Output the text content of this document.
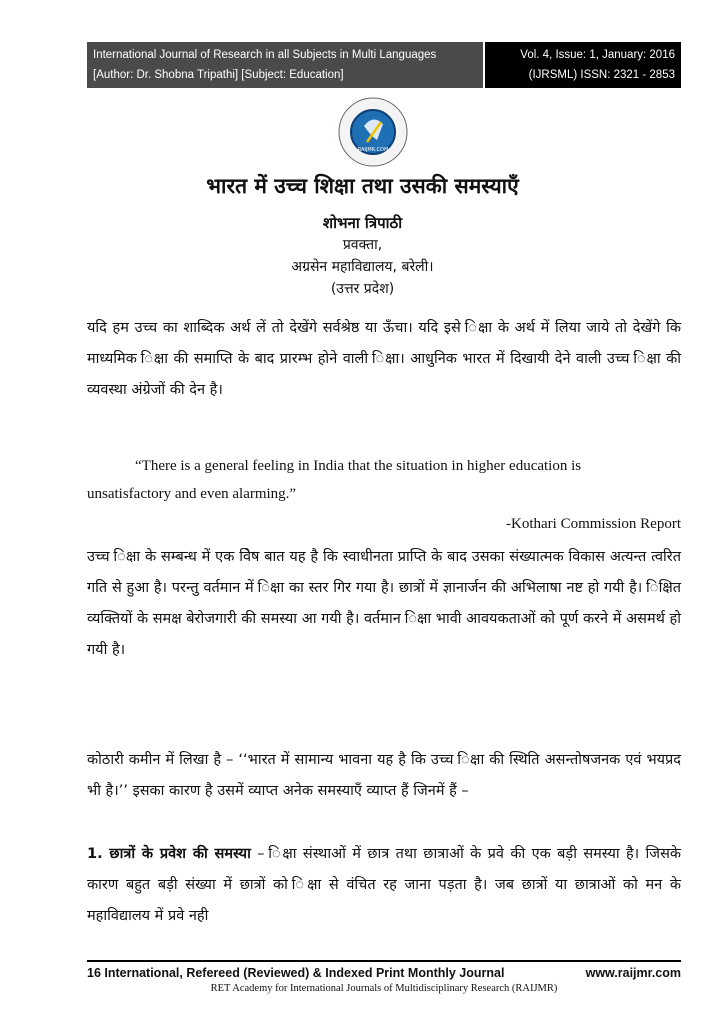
International Journal of Research in all Subjects in Multi Languages
[Author: Dr. Shobna Tripathi] [Subject: Education]
Vol. 4, Issue: 1, January: 2016
(IJRSML) ISSN: 2321 - 2853
RAIJMR.COM
भारत में उच्च शिक्षा तथा उसकी समस्याएँ
शोभना त्रिपाठी
प्रवक्ता,
अग्रसेन महाविद्यालय, बरेली।
(उत्तर प्रदेश)
यदि हम उच्च का शाब्दिक अर्थ लें तो देखेंगे सर्वश्रेष्ठ या ऊँचा। यदि इसे ि‍क्षा के अर्थ में लिया जाये तो देखेंगे कि माध्यमिक ि‍क्षा की समाप्ति के बाद प्रारम्भ होने वाली ि‍क्षा। आधुनिक भारत में दिखायी देने वाली उच्च ि‍क्षा की व्यवस्था अंग्रेजों की देन है।
“There is a general feeling in India that the situation in higher education is
unsatisfactory and even alarming.”
-Kothari Commission Report
उच्च ि‍क्षा के सम्बन्ध में एक वि‍ेष बात यह है कि स्वाधीनता प्राप्ति के बाद उसका संख्यात्मक विकास अत्यन्त त्वरित गति से हुआ है। परन्तु वर्तमान में ि‍क्षा का स्तर गिर गया है। छात्रों में ज्ञानार्जन की अभिलाषा नष्ट हो गयी है। ि‍क्षित व्यक्तियों के समक्ष बेरोजगारी की समस्या आ गयी है। वर्तमान ि‍क्षा भावी आव‍यकताओं को पूर्ण करने में असमर्थ हो गयी है।
कोठारी कमी‍न में लिखा है – ‘‘भारत में सामान्य भावना यह है कि उच्च ि‍क्षा की स्थिति असन्तोषजनक एवं भयप्रद भी है।’’ इसका कारण है उसमें व्याप्त अनेक समस्याएँ व्याप्त हैं जिनमें हैं –
1. छात्रों के प्रवेश की समस्या – ि‍क्षा संस्थाओं में छात्र तथा छात्राओं के प्रवे‍ की एक बड़ी समस्या है। जिसके कारण बहुत बड़ी संख्या में छात्रों को ि‍क्षा से वंचित रह जाना पड़ता है। जब छात्रों या छात्राओं को मन के महाविद्यालय में प्रवे‍ नही
16 International, Refereed (Reviewed) & Indexed Print Monthly Journal	www.raijmr.com
RET Academy for International Journals of Multidisciplinary Research (RAIJMR)
